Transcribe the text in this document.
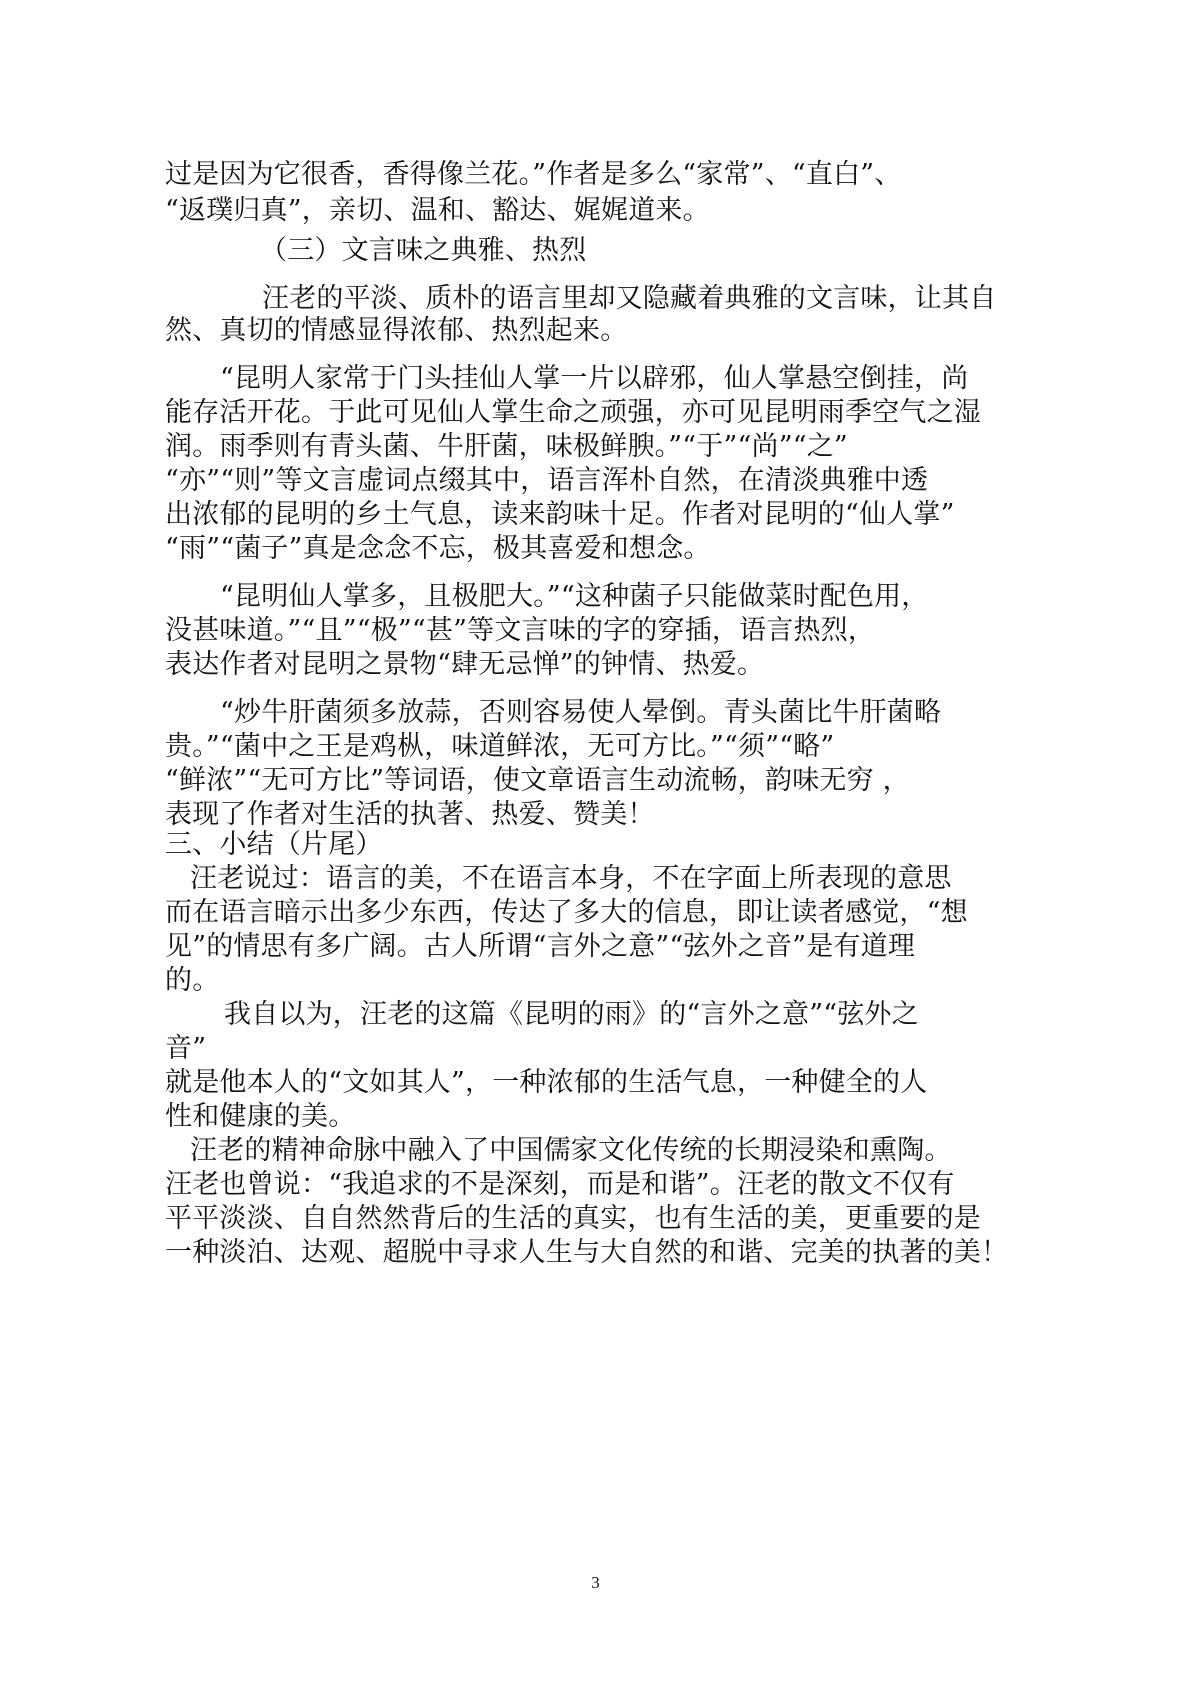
过是因为它很香，香得像兰花。”作者是多么“家常”、“直白”、
“返璞归真”，亲切、温和、豁达、娓娓道来。
（三）文言味之典雅、热烈
汪老的平淡、质朴的语言里却又隐藏着典雅的文言味，让其自
然、真切的情感显得浓郁、热烈起来。
“昆明人家常于门头挂仙人掌一片以辟邪，仙人掌悬空倒挂，尚
能存活开花。于此可见仙人掌生命之顽强，亦可见昆明雨季空气之湿
润。雨季则有青头菌、牛肝菌，味极鲜腴。”“于”“尚”“之”
“亦”“则”等文言虚词点缀其中，语言浑朴自然，在清淡典雅中透
出浓郁的昆明的乡土气息，读来韵味十足。作者对昆明的“仙人掌”
“雨”“菌子”真是念念不忘，极其喜爱和想念。
“昆明仙人掌多，且极肥大。”“这种菌子只能做菜时配色用，
没甚味道。”“且”“极”“甚”等文言味的字的穿插，语言热烈，
表达作者对昆明之景物“肆无忌惮”的钟情、热爱。
“炒牛肝菌须多放蒜，否则容易使人晕倒。青头菌比牛肝菌略
贵。”“菌中之王是鸡枞，味道鲜浓，无可方比。”“须”“略”
“鲜浓”“无可方比”等词语，使文章语言生动流畅，韵味无穷 ，
表现了作者对生活的执著、热爱、赞美！
三、小结（片尾）
汪老说过：语言的美，不在语言本身，不在字面上所表现的意思
而在语言暗示出多少东西，传达了多大的信息，即让读者感觉，“想
见”的情思有多广阔。古人所谓“言外之意”“弦外之音”是有道理
的。
我自以为，汪老的这篇《昆明的雨》的“言外之意”“弦外之
音”
就是他本人的“文如其人”，一种浓郁的生活气息，一种健全的人
性和健康的美。
汪老的精神命脉中融入了中国儒家文化传统的长期浸染和熏陶。
汪老也曾说：“我追求的不是深刻，而是和谐”。汪老的散文不仅有
平平淡淡、自自然然背后的生活的真实，也有生活的美，更重要的是
一种淡泊、达观、超脱中寻求人生与大自然的和谐、完美的执著的美！
3
